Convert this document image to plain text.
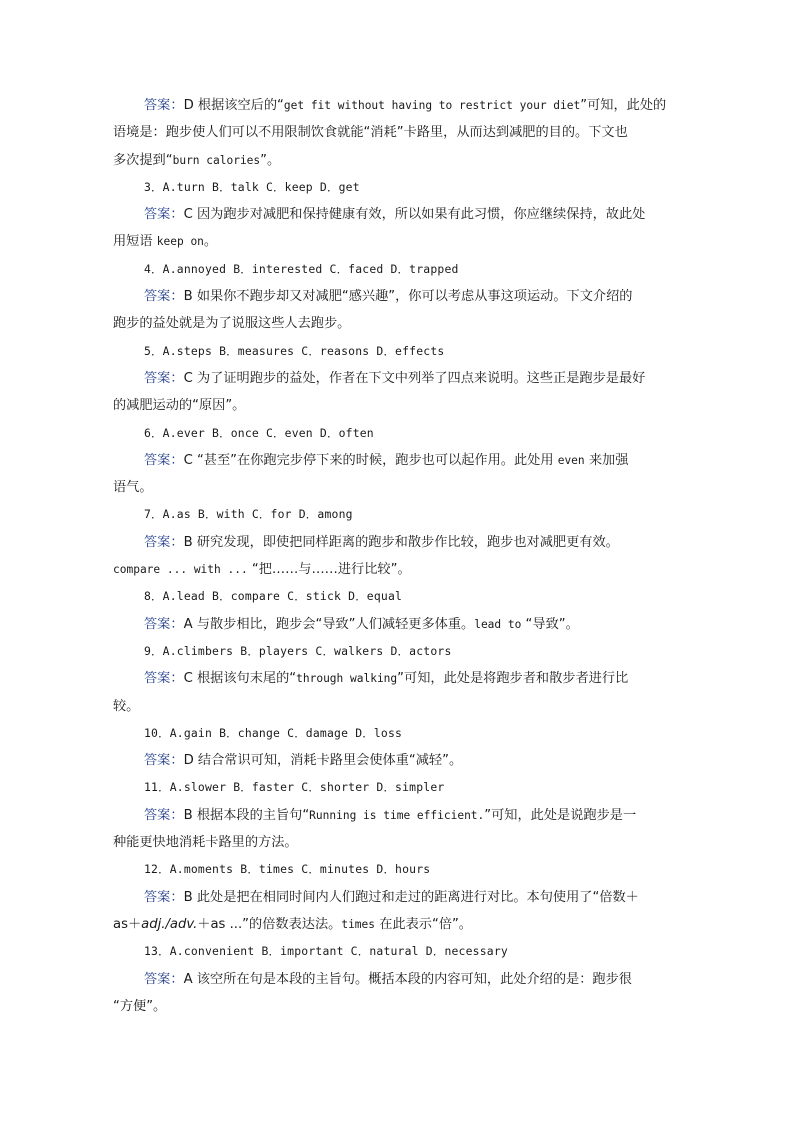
答案：D 根据该空后的“get fit without having to restrict your diet”可知，此处的
语境是：跑步使人们可以不用限制饮食就能“消耗”卡路里，从而达到减肥的目的。下文也
多次提到“burn calories”。
3．A.turn B．talk C．keep D．get
答案：C 因为跑步对减肥和保持健康有效，所以如果有此习惯，你应继续保持，故此处
用短语 keep on。
4．A.annoyed B．interested C．faced D．trapped
答案：B 如果你不跑步却又对减肥“感兴趣”，你可以考虑从事这项运动。下文介绍的
跑步的益处就是为了说服这些人去跑步。
5．A.steps B．measures C．reasons D．effects
答案：C 为了证明跑步的益处，作者在下文中列举了四点来说明。这些正是跑步是最好
的减肥运动的“原因”。
6．A.ever B．once C．even D．often
答案：C “甚至”在你跑完步停下来的时候，跑步也可以起作用。此处用 even 来加强
语气。
7．A.as B．with C．for D．among
答案：B 研究发现，即使把同样距离的跑步和散步作比较，跑步也对减肥更有效。
compare ... with ... “把……与……进行比较”。
8．A.lead B．compare C．stick D．equal
答案：A 与散步相比，跑步会“导致”人们减轻更多体重。lead to “导致”。
9．A.climbers B．players C．walkers D．actors
答案：C 根据该句末尾的“through walking”可知，此处是将跑步者和散步者进行比
较。
10．A.gain B．change C．damage D．loss
答案：D 结合常识可知，消耗卡路里会使体重“减轻”。
11．A.slower B．faster C．shorter D．simpler
答案：B 根据本段的主旨句“Running is time efficient.”可知，此处是说跑步是一
种能更快地消耗卡路里的方法。
12．A.moments B．times C．minutes D．hours
答案：B 此处是把在相同时间内人们跑过和走过的距离进行对比。本句使用了“倍数＋
as＋adj./adv.＋as ...”的倍数表达法。times 在此表示“倍”。
13．A.convenient B．important C．natural D．necessary
答案：A 该空所在句是本段的主旨句。概括本段的内容可知，此处介绍的是：跑步很
“方便”。
